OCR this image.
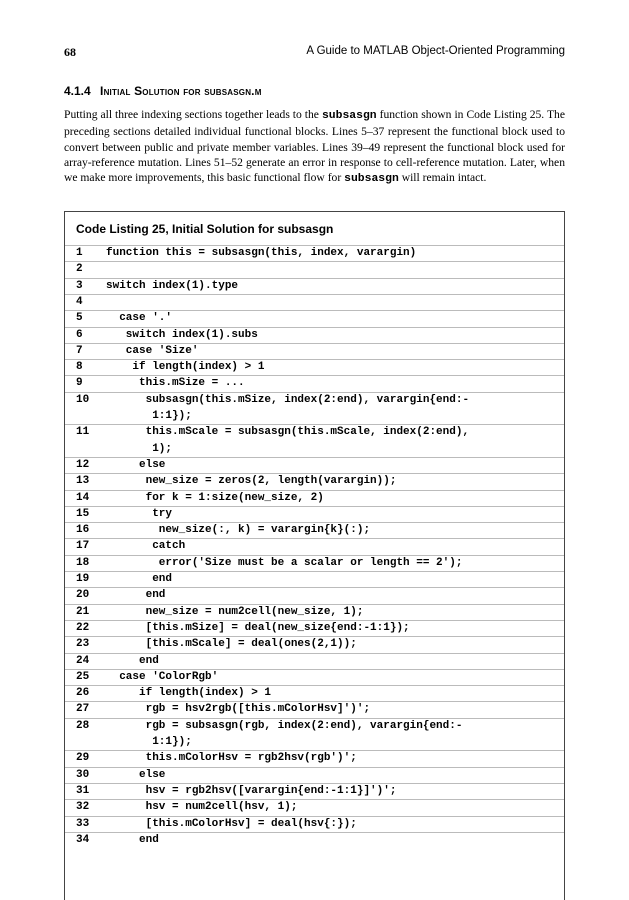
68	A Guide to MATLAB Object-Oriented Programming
4.1.4 Initial Solution for subsasgn.m
Putting all three indexing sections together leads to the subsasgn function shown in Code Listing 25. The preceding sections detailed individual functional blocks. Lines 5–37 represent the functional block used to convert between public and private member variables. Lines 39–49 represent the functional block used for array-reference mutation. Lines 51–52 generate an error in response to cell-reference mutation. Later, when we make more improvements, this basic functional flow for subsasgn will remain intact.
Code Listing 25, Initial Solution for subsasgn
1	function this = subsasgn(this, index, varargin)
2
3	switch index(1).type
4
5	case '.'
6	switch index(1).subs
7	case 'Size'
8	if length(index) > 1
9	this.mSize = ...
10	subsasgn(this.mSize, index(2:end), varargin{end:-
1:1});
11	this.mScale = subsasgn(this.mScale, index(2:end),
1);
12	else
13	new_size = zeros(2, length(varargin));
14	for k = 1:size(new_size, 2)
15	try
16	new_size(:, k) = varargin{k}(:);
17	catch
18	error('Size must be a scalar or length == 2');
19	end
20	end
21	new_size = num2cell(new_size, 1);
22	[this.mSize] = deal(new_size{end:-1:1});
23	[this.mScale] = deal(ones(2,1));
24	end
25	case 'ColorRgb'
26	if length(index) > 1
27	rgb = hsv2rgb([this.mColorHsv]')';
28	rgb = subsasgn(rgb, index(2:end), varargin{end:-
1:1});
29	this.mColorHsv = rgb2hsv(rgb')';
30	else
31	hsv = rgb2hsv([varargin{end:-1:1}]')';
32	hsv = num2cell(hsv, 1);
33	[this.mColorHsv] = deal(hsv{:});
34	end
